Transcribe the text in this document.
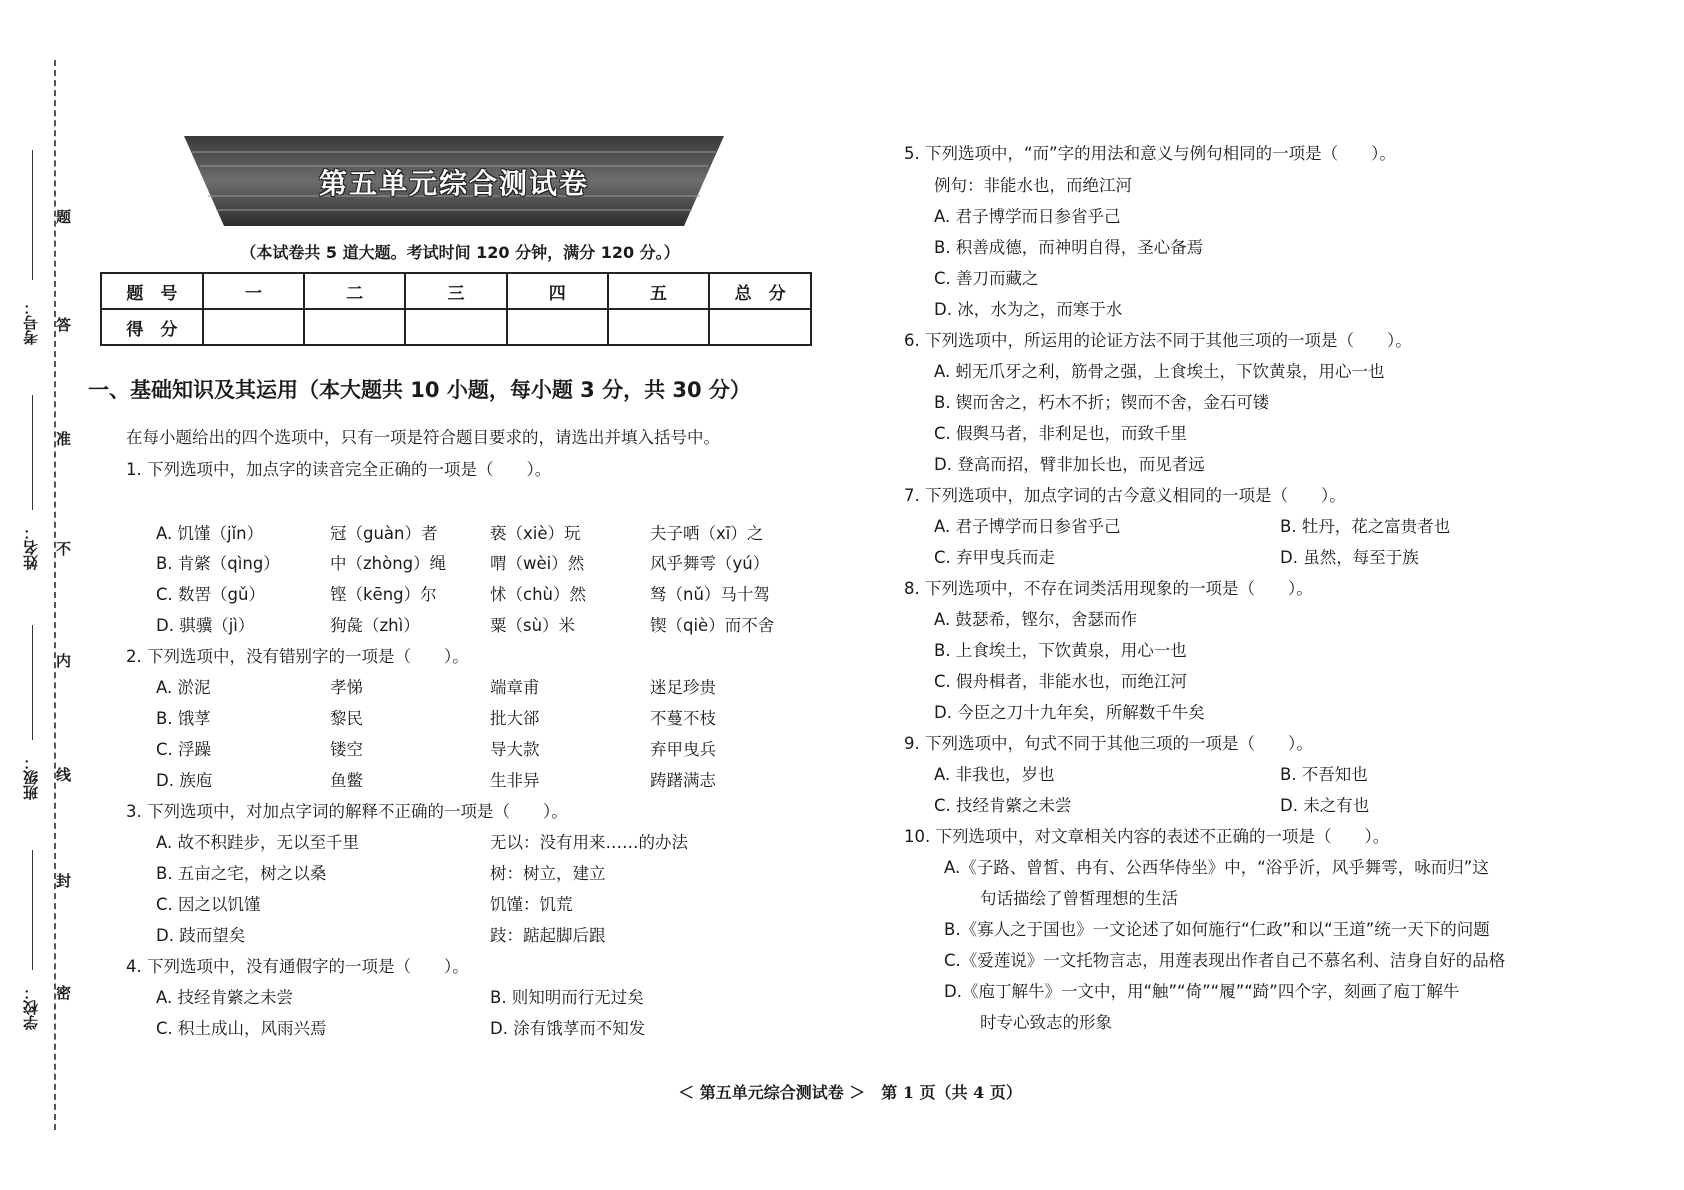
考号：
姓名：
班级：
学校：
题
答
准
不
内
线
封
密
第五单元综合测试卷
（本试卷共 5 道大题。考试时间 120 分钟，满分 120 分。）
题　号	一	二	三	四	五	总　分
得　分						
一、基础知识及其运用（本大题共 10 小题，每小题 3 分，共 30 分）
在每小题给出的四个选项中，只有一项是符合题目要求的，请选出并填入括号中。
1. 下列选项中，加点字的读音完全正确的一项是（　　）。
A. 饥馑（jǐn）	冠（guàn）者	亵（xiè）玩	夫子哂（xī）之
B. 肯綮（qìng）	中（zhòng）绳	喟（wèi）然	风乎舞雩（yú）
C. 数罟（gǔ）	铿（kēng）尔	怵（chù）然	驽（nǔ）马十驾
D. 骐骥（jì）	狗彘（zhì）	粟（sù）米	锲（qiè）而不舍
2. 下列选项中，没有错别字的一项是（　　）。
A. 淤泥	孝悌	端章甫	迷足珍贵
B. 饿莩	黎民	批大郤	不蔓不枝
C. 浮躁	镂空	导大款	弃甲曳兵
D. 族庖	鱼鳖	生非异	踌躇满志
3. 下列选项中，对加点字词的解释不正确的一项是（　　）。
A. 故不积跬步，无以至千里	无以：没有用来……的办法
B. 五亩之宅，树之以桑	树：树立，建立
C. 因之以饥馑	饥馑：饥荒
D. 跂而望矣	跂：踮起脚后跟
4. 下列选项中，没有通假字的一项是（　　）。
A. 技经肯綮之未尝	B. 则知明而行无过矣
C. 积土成山，风雨兴焉	D. 涂有饿莩而不知发
5. 下列选项中，“而”字的用法和意义与例句相同的一项是（　　）。
例句：非能水也，而绝江河
A. 君子博学而日参省乎己
B. 积善成德，而神明自得，圣心备焉
C. 善刀而藏之
D. 冰，水为之，而寒于水
6. 下列选项中，所运用的论证方法不同于其他三项的一项是（　　）。
A. 蚓无爪牙之利，筋骨之强，上食埃土，下饮黄泉，用心一也
B. 锲而舍之，朽木不折；锲而不舍，金石可镂
C. 假舆马者，非利足也，而致千里
D. 登高而招，臂非加长也，而见者远
7. 下列选项中，加点字词的古今意义相同的一项是（　　）。
A. 君子博学而日参省乎己	B. 牡丹，花之富贵者也
C. 弃甲曳兵而走	D. 虽然，每至于族
8. 下列选项中，不存在词类活用现象的一项是（　　）。
A. 鼓瑟希，铿尔，舍瑟而作
B. 上食埃土，下饮黄泉，用心一也
C. 假舟楫者，非能水也，而绝江河
D. 今臣之刀十九年矣，所解数千牛矣
9. 下列选项中，句式不同于其他三项的一项是（　　）。
A. 非我也，岁也	B. 不吾知也
C. 技经肯綮之未尝	D. 未之有也
10. 下列选项中，对文章相关内容的表述不正确的一项是（　　）。
A.《子路、曾皙、冉有、公西华侍坐》中，“浴乎沂，风乎舞雩，咏而归”这
句话描绘了曾皙理想的生活
B.《寡人之于国也》一文论述了如何施行“仁政”和以“王道”统一天下的问题
C.《爱莲说》一文托物言志，用莲表现出作者自己不慕名利、洁身自好的品格
D.《庖丁解牛》一文中，用“触”“倚”“履”“踦”四个字，刻画了庖丁解牛
时专心致志的形象
＜ 第五单元综合测试卷 ＞　第 1 页（共 4 页）
